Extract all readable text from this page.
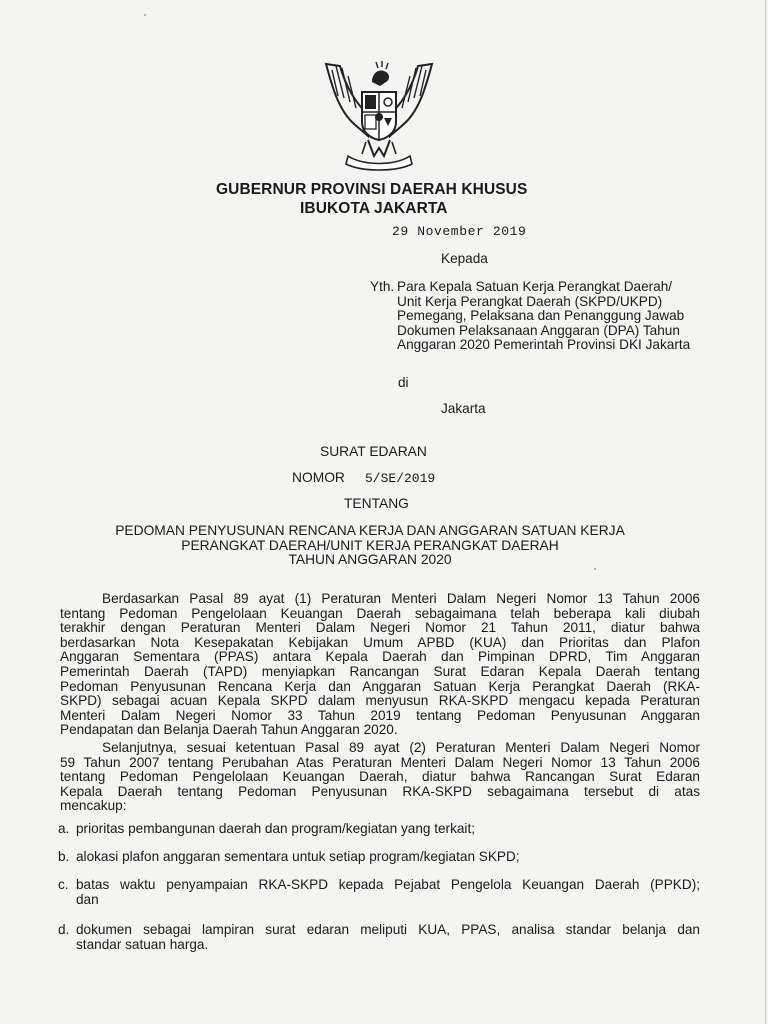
GUBERNUR PROVINSI DAERAH KHUSUS
IBUKOTA JAKARTA
29 November 2019
Kepada
Yth. Para Kepala Satuan Kerja Perangkat Daerah/
Unit Kerja Perangkat Daerah (SKPD/UKPD)
Pemegang, Pelaksana dan Penanggung Jawab
Dokumen Pelaksanaan Anggaran (DPA) Tahun
Anggaran 2020 Pemerintah Provinsi DKI Jakarta
di
Jakarta
SURAT EDARAN
NOMOR 5/SE/2019
TENTANG
PEDOMAN PENYUSUNAN RENCANA KERJA DAN ANGGARAN SATUAN KERJA
PERANGKAT DAERAH/UNIT KERJA PERANGKAT DAERAH
TAHUN ANGGARAN 2020
Berdasarkan Pasal 89 ayat (1) Peraturan Menteri Dalam Negeri Nomor 13 Tahun 2006
tentang Pedoman Pengelolaan Keuangan Daerah sebagaimana telah beberapa kali diubah
terakhir dengan Peraturan Menteri Dalam Negeri Nomor 21 Tahun 2011, diatur bahwa
berdasarkan Nota Kesepakatan Kebijakan Umum APBD (KUA) dan Prioritas dan Plafon
Anggaran Sementara (PPAS) antara Kepala Daerah dan Pimpinan DPRD, Tim Anggaran
Pemerintah Daerah (TAPD) menyiapkan Rancangan Surat Edaran Kepala Daerah tentang
Pedoman Penyusunan Rencana Kerja dan Anggaran Satuan Kerja Perangkat Daerah (RKA-
SKPD) sebagai acuan Kepala SKPD dalam menyusun RKA-SKPD mengacu kepada Peraturan
Menteri Dalam Negeri Nomor 33 Tahun 2019 tentang Pedoman Penyusunan Anggaran
Pendapatan dan Belanja Daerah Tahun Anggaran 2020.
Selanjutnya, sesuai ketentuan Pasal 89 ayat (2) Peraturan Menteri Dalam Negeri Nomor
59 Tahun 2007 tentang Perubahan Atas Peraturan Menteri Dalam Negeri Nomor 13 Tahun 2006
tentang Pedoman Pengelolaan Keuangan Daerah, diatur bahwa Rancangan Surat Edaran
Kepala Daerah tentang Pedoman Penyusunan RKA-SKPD sebagaimana tersebut di atas
mencakup:
a. prioritas pembangunan daerah dan program/kegiatan yang terkait;
b. alokasi plafon anggaran sementara untuk setiap program/kegiatan SKPD;
c. batas waktu penyampaian RKA-SKPD kepada Pejabat Pengelola Keuangan Daerah (PPKD);
dan
d. dokumen sebagai lampiran surat edaran meliputi KUA, PPAS, analisa standar belanja dan
standar satuan harga.
